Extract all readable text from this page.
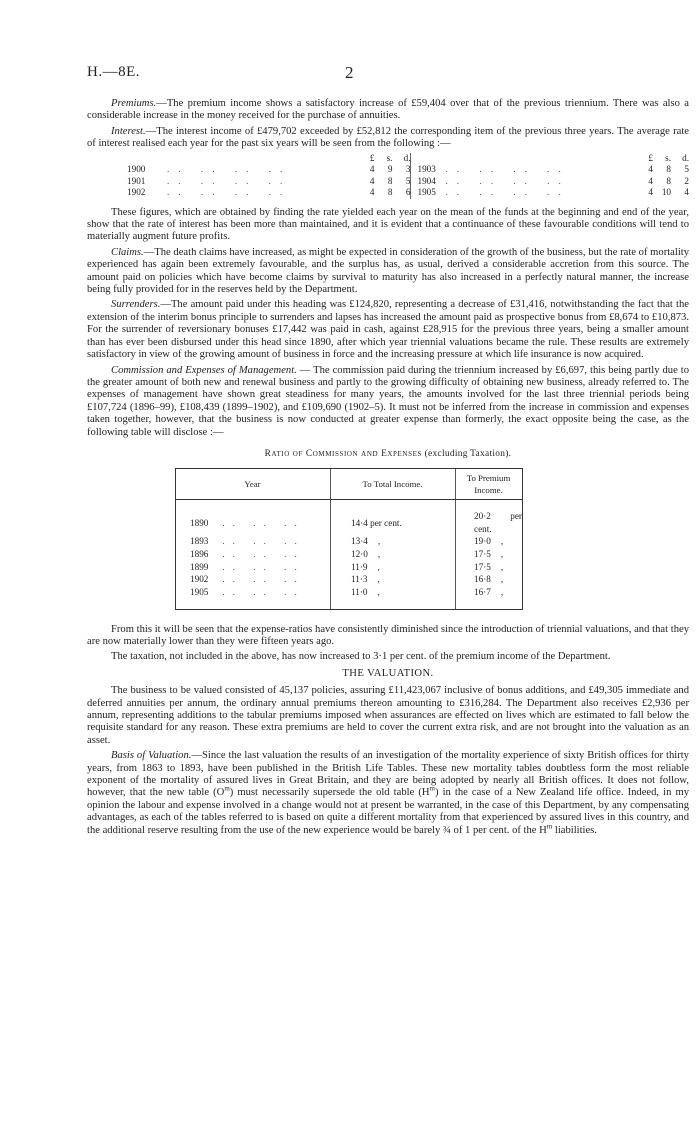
H.—8E.	2

Premiums.—The premium income shows a satisfactory increase of £59,404 over that of the previous triennium. There was also a considerable increase in the money received for the purchase of annuities.

Interest.—The interest income of £479,702 exceeded by £52,812 the corresponding item of the previous three years. The average rate of interest realised each year for the past six years will be seen from the following :—

		£	s.	d.				£	s.	d.
1900	.. .. .. ..	4	9	3		1903	.. .. .. ..	4	8	5
1901	.. .. .. ..	4	8	5		1904	.. .. .. ..	4	8	2
1902	.. .. .. ..	4	8	6		1905	.. .. .. ..	4	10	4

These figures, which are obtained by finding the rate yielded each year on the mean of the funds at the beginning and end of the year, show that the rate of interest has been more than maintained, and it is evident that a continuance of these favourable conditions will tend to materially augment future profits.

Claims.—The death claims have increased, as might be expected in consideration of the growth of the business, but the rate of mortality experienced has again been extremely favourable, and the surplus has, as usual, derived a considerable accretion from this source. The amount paid on policies which have become claims by survival to maturity has also increased in a perfectly natural manner, the increase being fully provided for in the reserves held by the Department.

Surrenders.—The amount paid under this heading was £124,820, representing a decrease of £31,416, notwithstanding the fact that the extension of the interim bonus principle to surrenders and lapses has increased the amount paid as prospective bonus from £8,674 to £10,873. For the surrender of reversionary bonuses £17,442 was paid in cash, against £28,915 for the previous three years, being a smaller amount than has ever been disbursed under this head since 1890, after which year triennial valuations became the rule. These results are extremely satisfactory in view of the growing amount of business in force and the increasing pressure at which life insurance is now acquired.

Commission and Expenses of Management. — The commission paid during the triennium increased by £6,697, this being partly due to the greater amount of both new and renewal business and partly to the growing difficulty of obtaining new business, already referred to. The expenses of management have shown great steadiness for many years, the amounts involved for the last three triennial periods being £107,724 (1896–99), £108,439 (1899–1902), and £109,690 (1902–5). It must not be inferred from the increase in commission and expenses taken together, however, that the business is now conducted at greater expense than formerly, the exact opposite being the case, as the following table will disclose :—

Ratio of Commission and Expenses (excluding Taxation).
Year	To Total Income.	To Premium Income.
1890 .. .. ..	14·4 per cent.	20·2 per cent.
1893 .. .. ..	13·4 ,	19·0 ,
1896 .. .. ..	12·0 ,	17·5 ,
1899 .. .. ..	11·9 ,	17·5 ,
1902 .. .. ..	11·3 ,	16·8 ,
1905 .. .. ..	11·0 ,	16·7 ,

From this it will be seen that the expense-ratios have consistently diminished since the introduction of triennial valuations, and that they are now materially lower than they were fifteen years ago.

The taxation, not included in the above, has now increased to 3·1 per cent. of the premium income of the Department.

THE VALUATION.

The business to be valued consisted of 45,137 policies, assuring £11,423,067 inclusive of bonus additions, and £49,305 immediate and deferred annuities per annum, the ordinary annual premiums thereon amounting to £316,284. The Department also receives £2,936 per annum, representing additions to the tabular premiums imposed when assurances are effected on lives which are estimated to fall below the requisite standard for any reason. These extra premiums are held to cover the current extra risk, and are not brought into the valuation as an asset.

Basis of Valuation.—Since the last valuation the results of an investigation of the mortality experience of sixty British offices for thirty years, from 1863 to 1893, have been published in the British Life Tables. These new mortality tables doubtless form the most reliable exponent of the mortality of assured lives in Great Britain, and they are being adopted by nearly all British offices. It does not follow, however, that the new table $(O^m)$ must necessarily supersede the old table $(H^m)$ in the case of a New Zealand life office. Indeed, in my opinion the labour and expense involved in a change would not at present be warranted, in the case of this Department, by any compensating advantages, as each of the tables referred to is based on quite a different mortality from that experienced by assured lives in this country, and the additional reserve resulting from the use of the new experience would be barely ¾ of 1 per cent. of the $H^m$ liabilities.
